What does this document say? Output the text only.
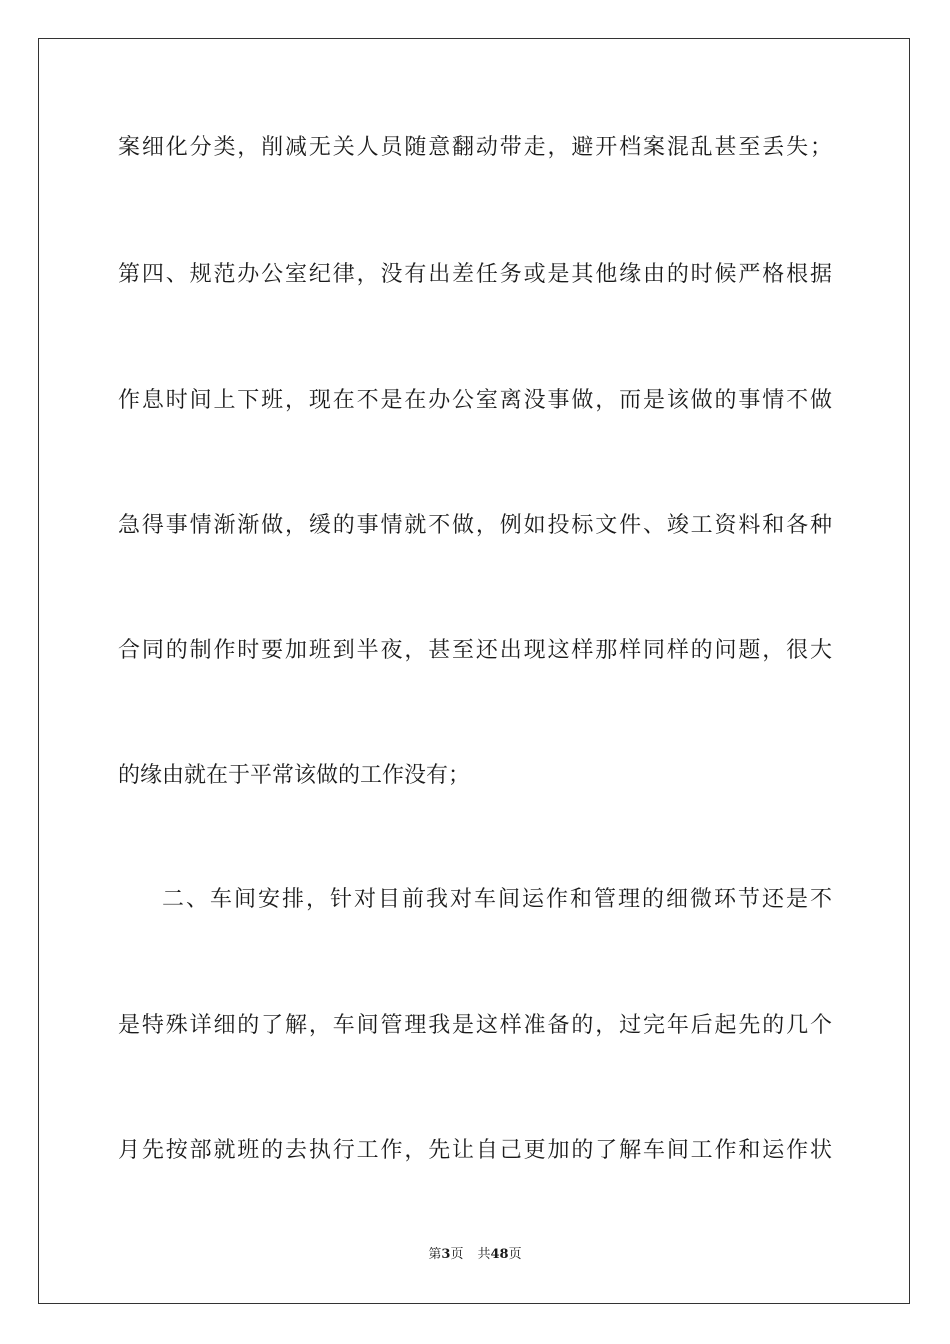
案细化分类，削减无关人员随意翻动带走，避开档案混乱甚至丢失；
第四、规范办公室纪律，没有出差任务或是其他缘由的时候严格根据
作息时间上下班，现在不是在办公室离没事做，而是该做的事情不做
急得事情渐渐做，缓的事情就不做，例如投标文件、竣工资料和各种
合同的制作时要加班到半夜，甚至还出现这样那样同样的问题，很大
的缘由就在于平常该做的工作没有；
二、车间安排，针对目前我对车间运作和管理的细微环节还是不
是特殊详细的了解，车间管理我是这样准备的，过完年后起先的几个
月先按部就班的去执行工作，先让自己更加的了解车间工作和运作状
第3页 共48页
